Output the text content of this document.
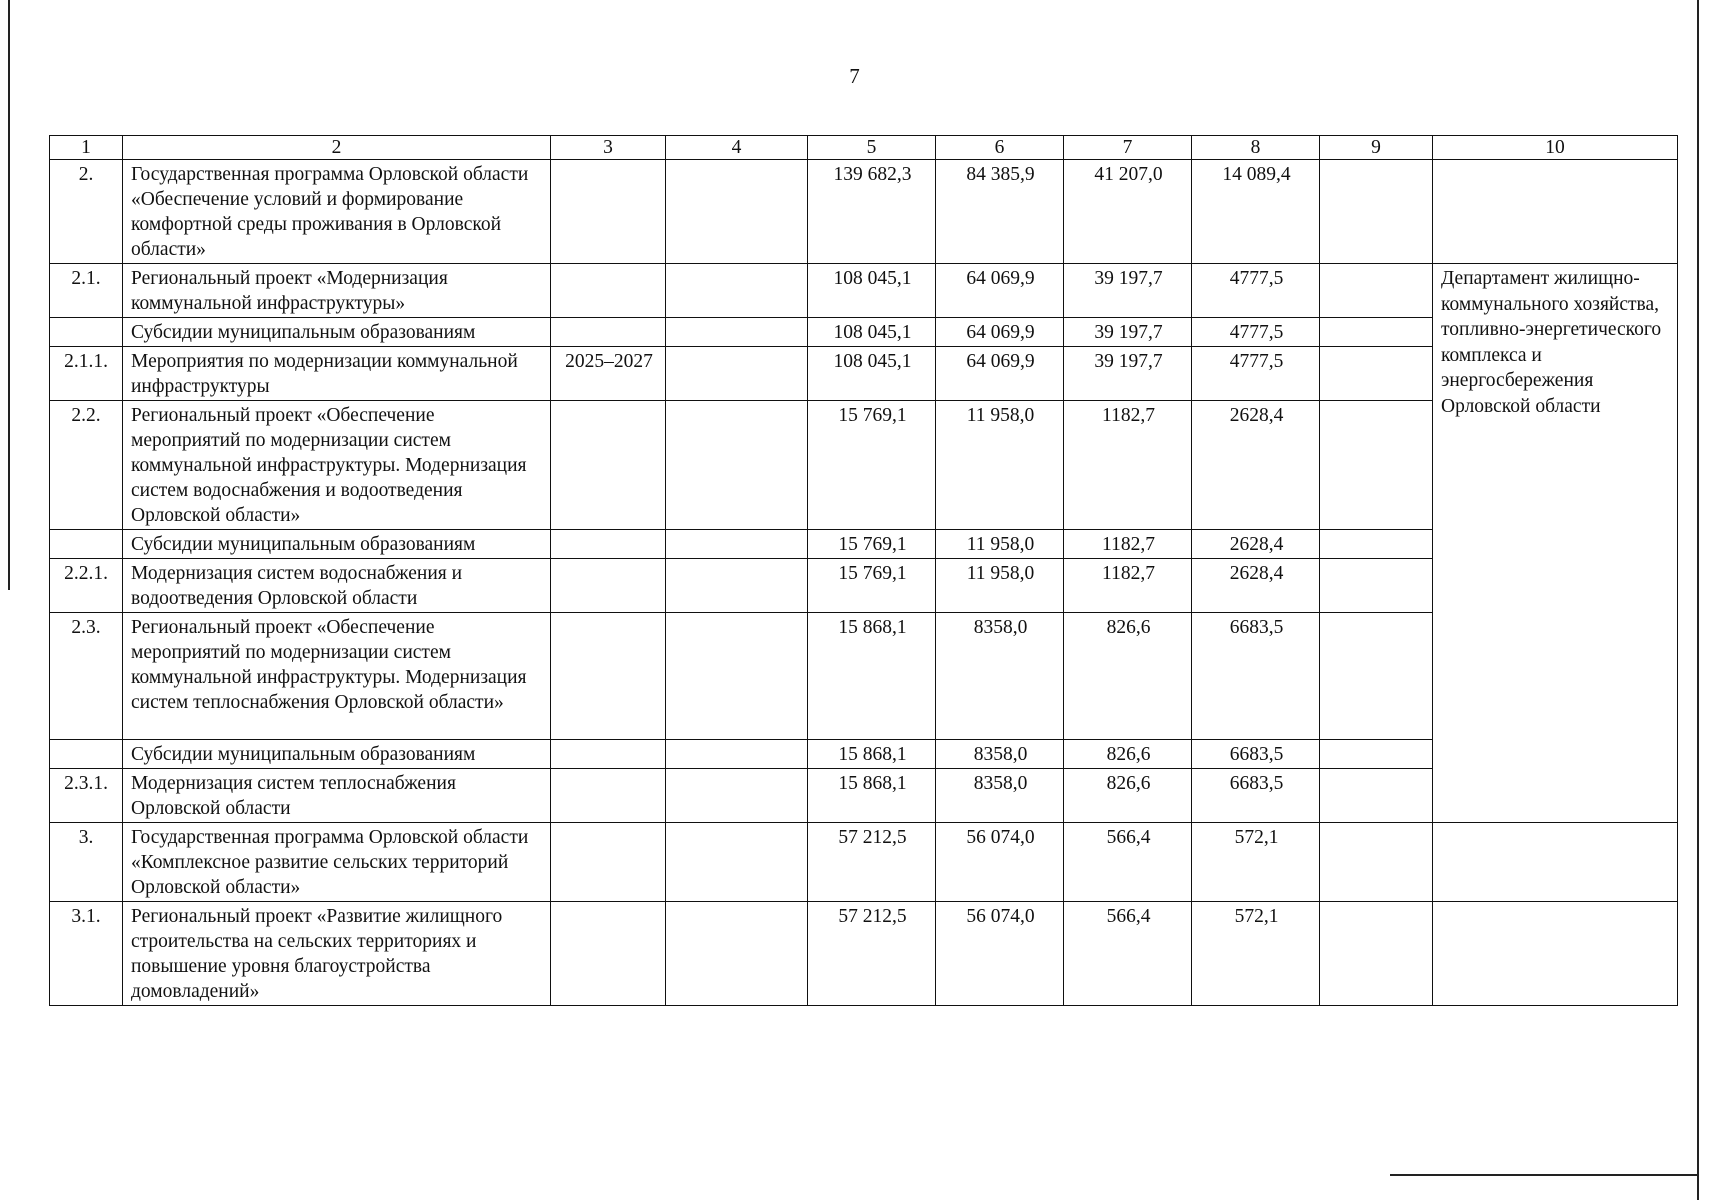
7
1	2	3	4	5	6	7	8	9	10
2.	Государственная программа Орловской области «Обеспечение условий и формирование комфортной среды проживания в Орловской области»			139 682,3	84 385,9	41 207,0	14 089,4		
2.1.	Региональный проект «Модернизация коммунальной инфраструктуры»			108 045,1	64 069,9	39 197,7	4777,5		Департамент жилищно-коммунального хозяйства, топливно-энергетического комплекса и энергосбережения Орловской области
	Субсидии муниципальным образованиям			108 045,1	64 069,9	39 197,7	4777,5		
2.1.1.	Мероприятия по модернизации коммунальной инфраструктуры	2025–2027		108 045,1	64 069,9	39 197,7	4777,5		
2.2.	Региональный проект «Обеспечение мероприятий по модернизации систем коммунальной инфраструктуры. Модернизация систем водоснабжения и водоотведения Орловской области»			15 769,1	11 958,0	1182,7	2628,4		
	Субсидии муниципальным образованиям			15 769,1	11 958,0	1182,7	2628,4		
2.2.1.	Модернизация систем водоснабжения и водоотведения Орловской области			15 769,1	11 958,0	1182,7	2628,4		
2.3.	Региональный проект «Обеспечение мероприятий по модернизации систем коммунальной инфраструктуры. Модернизация систем теплоснабжения Орловской области»			15 868,1	8358,0	826,6	6683,5		
	Субсидии муниципальным образованиям			15 868,1	8358,0	826,6	6683,5		
2.3.1.	Модернизация систем теплоснабжения Орловской области			15 868,1	8358,0	826,6	6683,5		
3.	Государственная программа Орловской области «Комплексное развитие сельских территорий Орловской области»			57 212,5	56 074,0	566,4	572,1		
3.1.	Региональный проект «Развитие жилищного строительства на сельских территориях и повышение уровня благоустройства домовладений»			57 212,5	56 074,0	566,4	572,1		
